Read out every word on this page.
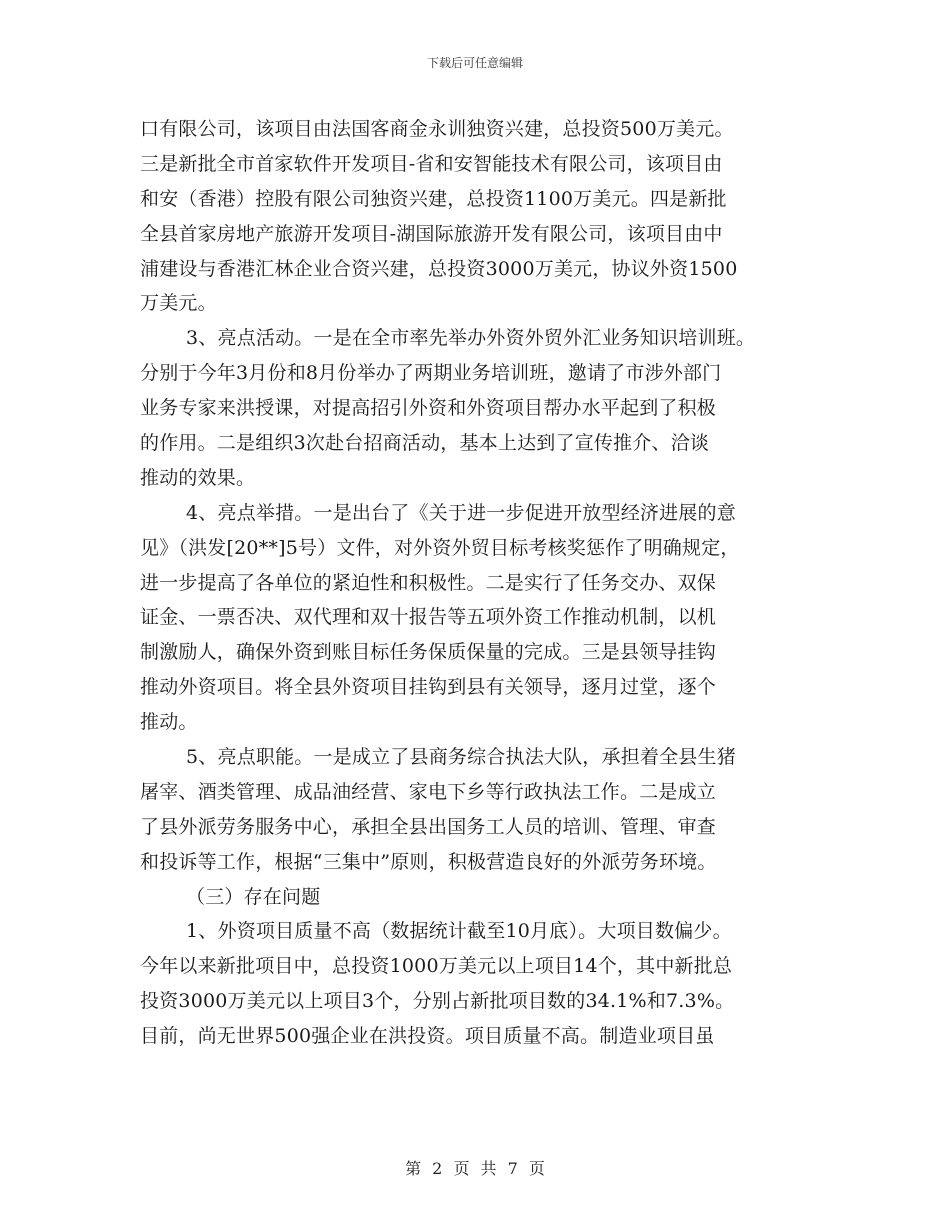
下载后可任意编辑
口有限公司，该项目由法国客商金永训独资兴建，总投资500万美元。
三是新批全市首家软件开发项目-省和安智能技术有限公司，该项目由
和安（香港）控股有限公司独资兴建，总投资1100万美元。四是新批
全县首家房地产旅游开发项目-湖国际旅游开发有限公司，该项目由中
浦建设与香港汇林企业合资兴建，总投资3000万美元，协议外资1500
万美元。
3、亮点活动。一是在全市率先举办外资外贸外汇业务知识培训班。
分别于今年3月份和8月份举办了两期业务培训班，邀请了市涉外部门
业务专家来洪授课，对提高招引外资和外资项目帮办水平起到了积极
的作用。二是组织3次赴台招商活动，基本上达到了宣传推介、洽谈
推动的效果。
4、亮点举措。一是出台了《关于进一步促进开放型经济进展的意
见》（洪发[20**]5号）文件，对外资外贸目标考核奖惩作了明确规定，
进一步提高了各单位的紧迫性和积极性。二是实行了任务交办、双保
证金、一票否决、双代理和双十报告等五项外资工作推动机制，以机
制激励人，确保外资到账目标任务保质保量的完成。三是县领导挂钩
推动外资项目。将全县外资项目挂钩到县有关领导，逐月过堂，逐个
推动。
5、亮点职能。一是成立了县商务综合执法大队，承担着全县生猪
屠宰、酒类管理、成品油经营、家电下乡等行政执法工作。二是成立
了县外派劳务服务中心，承担全县出国务工人员的培训、管理、审查
和投诉等工作，根据“三集中”原则，积极营造良好的外派劳务环境。
（三）存在问题
1、外资项目质量不高（数据统计截至10月底）。大项目数偏少。
今年以来新批项目中，总投资1000万美元以上项目14个，其中新批总
投资3000万美元以上项目3个，分别占新批项目数的34.1%和7.3%。
目前，尚无世界500强企业在洪投资。项目质量不高。制造业项目虽
第 2 页 共 7 页
